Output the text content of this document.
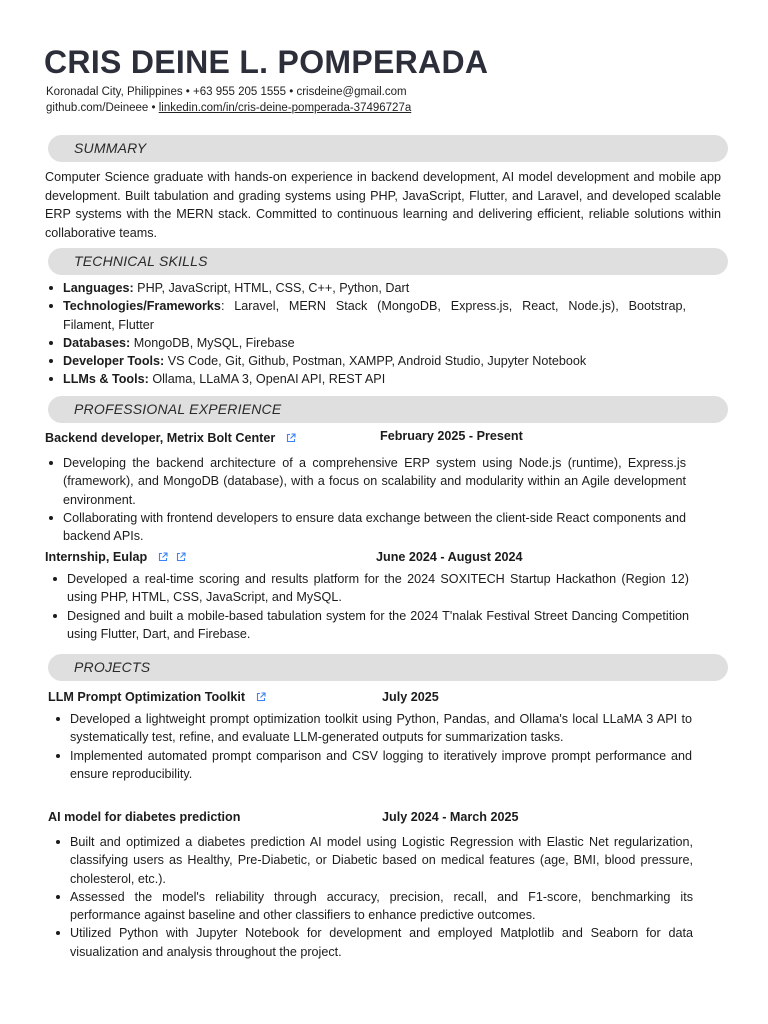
CRIS DEINE L. POMPERADA
Koronadal City, Philippines • +63 955 205 1555 • crisdeine@gmail.com
github.com/Deineee • linkedin.com/in/cris-deine-pomperada-37496727a
SUMMARY

Computer Science graduate with hands-on experience in backend development, AI model development and mobile app development. Built tabulation and grading systems using PHP, JavaScript, Flutter, and Laravel, and developed scalable ERP systems with the MERN stack. Committed to continuous learning and delivering efficient, reliable solutions within collaborative teams.

TECHNICAL SKILLS
Languages: PHP, JavaScript, HTML, CSS, C++, Python, Dart
Technologies/Frameworks: Laravel, MERN Stack (MongoDB, Express.js, React, Node.js), Bootstrap, Filament, Flutter
Databases: MongoDB, MySQL, Firebase
Developer Tools: VS Code, Git, Github, Postman, XAMPP, Android Studio, Jupyter Notebook
LLMs & Tools: Ollama, LLaMA 3, OpenAI API, REST API
PROFESSIONAL EXPERIENCE
Backend developer, Metrix Bolt Center	February 2025 - Present
Developing the backend architecture of a comprehensive ERP system using Node.js (runtime), Express.js (framework), and MongoDB (database), with a focus on scalability and modularity within an Agile development environment.
Collaborating with frontend developers to ensure data exchange between the client-side React components and backend APIs.
Internship, Eulap	June 2024 - August 2024
Developed a real-time scoring and results platform for the 2024 SOXITECH Startup Hackathon (Region 12) using PHP, HTML, CSS, JavaScript, and MySQL.
Designed and built a mobile-based tabulation system for the 2024 T'nalak Festival Street Dancing Competition using Flutter, Dart, and Firebase.
PROJECTS
LLM Prompt Optimization Toolkit	July 2025
Developed a lightweight prompt optimization toolkit using Python, Pandas, and Ollama's local LLaMA 3 API to systematically test, refine, and evaluate LLM-generated outputs for summarization tasks.
Implemented automated prompt comparison and CSV logging to iteratively improve prompt performance and ensure reproducibility.
AI model for diabetes prediction	July 2024 - March 2025
Built and optimized a diabetes prediction AI model using Logistic Regression with Elastic Net regularization, classifying users as Healthy, Pre-Diabetic, or Diabetic based on medical features (age, BMI, blood pressure, cholesterol, etc.).
Assessed the model's reliability through accuracy, precision, recall, and F1-score, benchmarking its performance against baseline and other classifiers to enhance predictive outcomes.
Utilized Python with Jupyter Notebook for development and employed Matplotlib and Seaborn for data visualization and analysis throughout the project.
